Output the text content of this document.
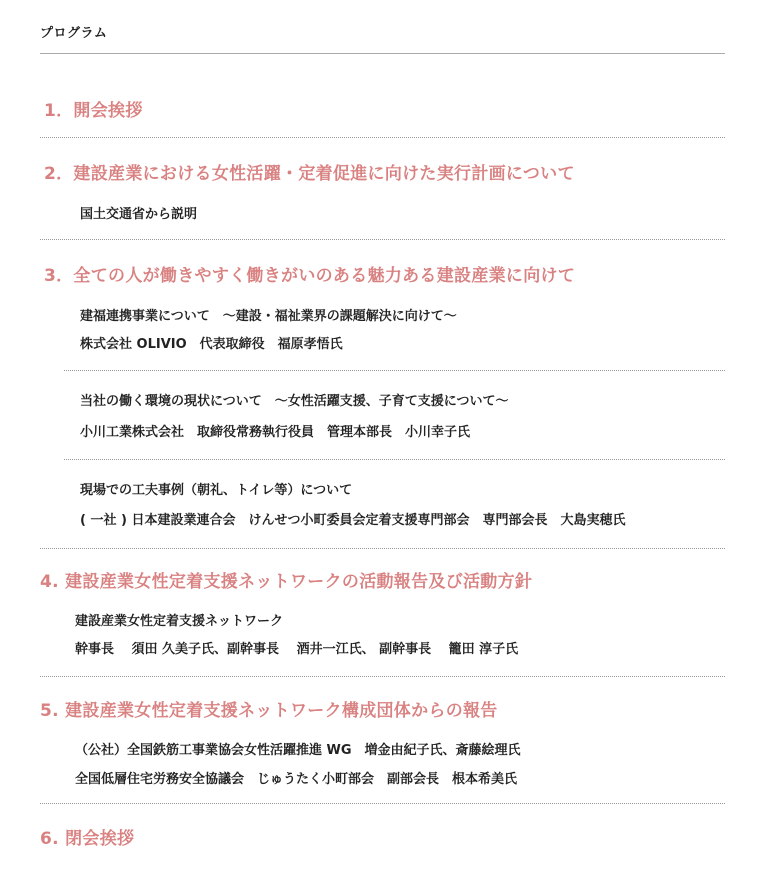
プログラム
1．開会挨拶
2．建設産業における女性活躍・定着促進に向けた実行計画について
国土交通省から説明
3．全ての人が働きやすく働きがいのある魅力ある建設産業に向けて
建福連携事業について　～建設・福祉業界の課題解決に向けて～
株式会社 OLIVIO　代表取締役　福原孝悟氏
当社の働く環境の現状について　～女性活躍支援、子育て支援について～
小川工業株式会社　取締役常務執行役員　管理本部長　小川幸子氏
現場での工夫事例（朝礼、トイレ等）について
( 一社 ) 日本建設業連合会　けんせつ小町委員会定着支援専門部会　専門部会長　大島実穂氏
4. 建設産業女性定着支援ネットワークの活動報告及び活動方針
建設産業女性定着支援ネットワーク
幹事長　 須田 久美子氏、副幹事長　 酒井一江氏、 副幹事長　 籠田 淳子氏
5. 建設産業女性定着支援ネットワーク構成団体からの報告
（公社）全国鉄筋工事業協会女性活躍推進 WG　増金由紀子氏、斎藤絵理氏
全国低層住宅労務安全協議会　じゅうたく小町部会　副部会長　根本希美氏
6. 閉会挨拶
